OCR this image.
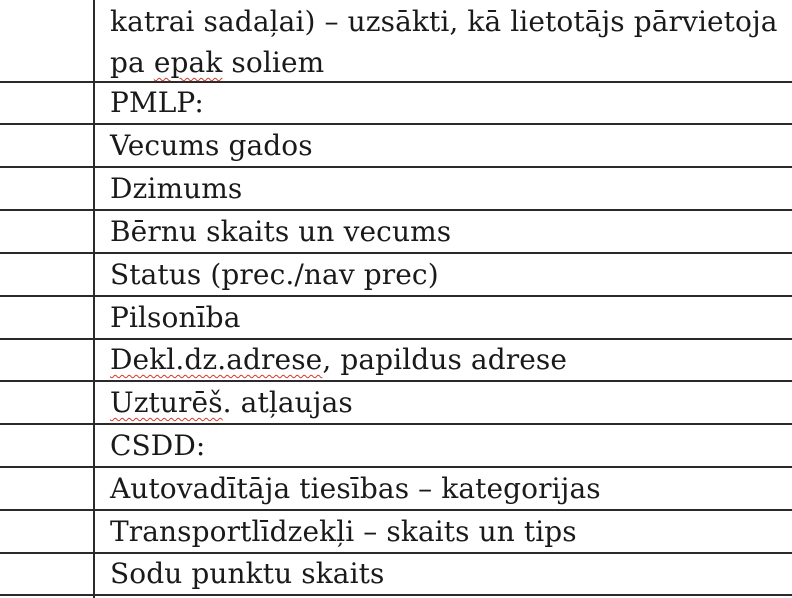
katrai sadaļai) – uzsākti, kā lietotājs pārvietoja
pa epak soliem
PMLP:
Vecums gados
Dzimums
Bērnu skaits un vecums
Status (prec./nav prec)
Pilsonība
Dekl.dz.adrese, papildus adrese
Uzturēš. atļaujas
CSDD:
Autovadītāja tiesības – kategorijas
Transportlīdzekļi – skaits un tips
Sodu punktu skaits
